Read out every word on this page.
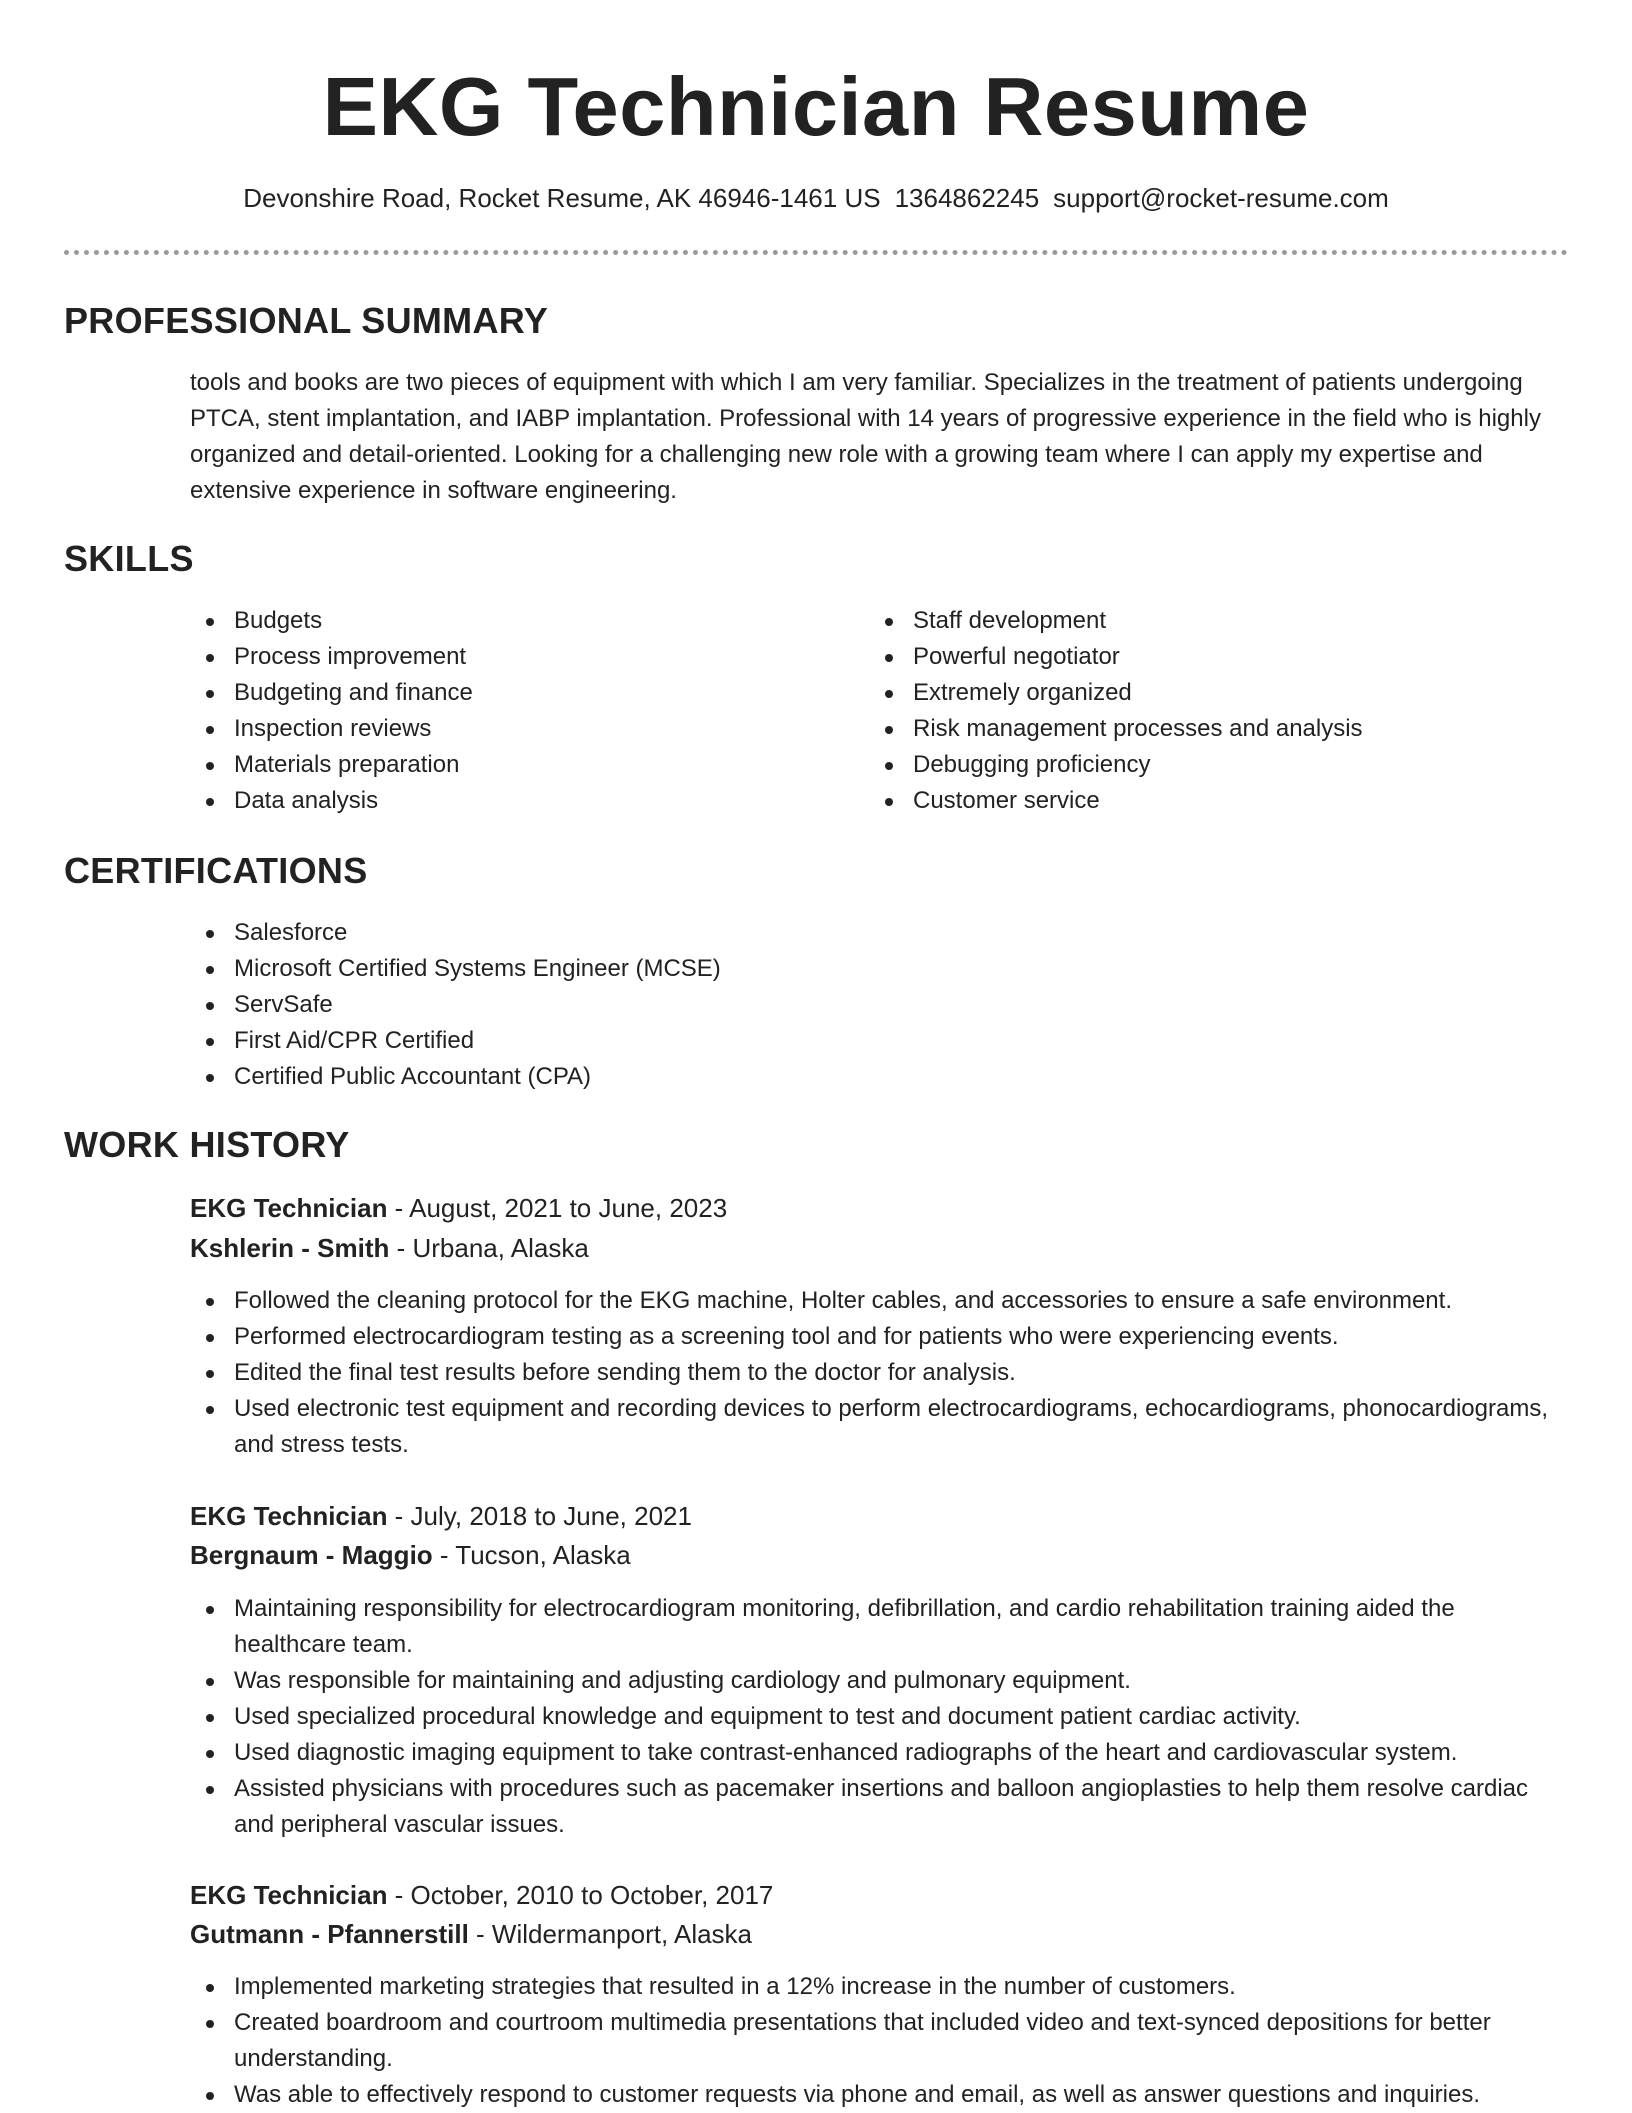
EKG Technician Resume
Devonshire Road, Rocket Resume, AK 46946-1461 US 1364862245 support@rocket-resume.com
PROFESSIONAL SUMMARY
tools and books are two pieces of equipment with which I am very familiar. Specializes in the treatment of patients undergoing PTCA, stent implantation, and IABP implantation. Professional with 14 years of progressive experience in the field who is highly organized and detail-oriented. Looking for a challenging new role with a growing team where I can apply my expertise and extensive experience in software engineering.
SKILLS
Budgets
Process improvement
Budgeting and finance
Inspection reviews
Materials preparation
Data analysis
Staff development
Powerful negotiator
Extremely organized
Risk management processes and analysis
Debugging proficiency
Customer service
CERTIFICATIONS
Salesforce
Microsoft Certified Systems Engineer (MCSE)
ServSafe
First Aid/CPR Certified
Certified Public Accountant (CPA)
WORK HISTORY
EKG Technician - August, 2021 to June, 2023
Kshlerin - Smith - Urbana, Alaska
Followed the cleaning protocol for the EKG machine, Holter cables, and accessories to ensure a safe environment.
Performed electrocardiogram testing as a screening tool and for patients who were experiencing events.
Edited the final test results before sending them to the doctor for analysis.
Used electronic test equipment and recording devices to perform electrocardiograms, echocardiograms, phonocardiograms, and stress tests.
EKG Technician - July, 2018 to June, 2021
Bergnaum - Maggio - Tucson, Alaska
Maintaining responsibility for electrocardiogram monitoring, defibrillation, and cardio rehabilitation training aided the healthcare team.
Was responsible for maintaining and adjusting cardiology and pulmonary equipment.
Used specialized procedural knowledge and equipment to test and document patient cardiac activity.
Used diagnostic imaging equipment to take contrast-enhanced radiographs of the heart and cardiovascular system.
Assisted physicians with procedures such as pacemaker insertions and balloon angioplasties to help them resolve cardiac and peripheral vascular issues.
EKG Technician - October, 2010 to October, 2017
Gutmann - Pfannerstill - Wildermanport, Alaska
Implemented marketing strategies that resulted in a 12% increase in the number of customers.
Created boardroom and courtroom multimedia presentations that included video and text-synced depositions for better understanding.
Was able to effectively respond to customer requests via phone and email, as well as answer questions and inquiries.
